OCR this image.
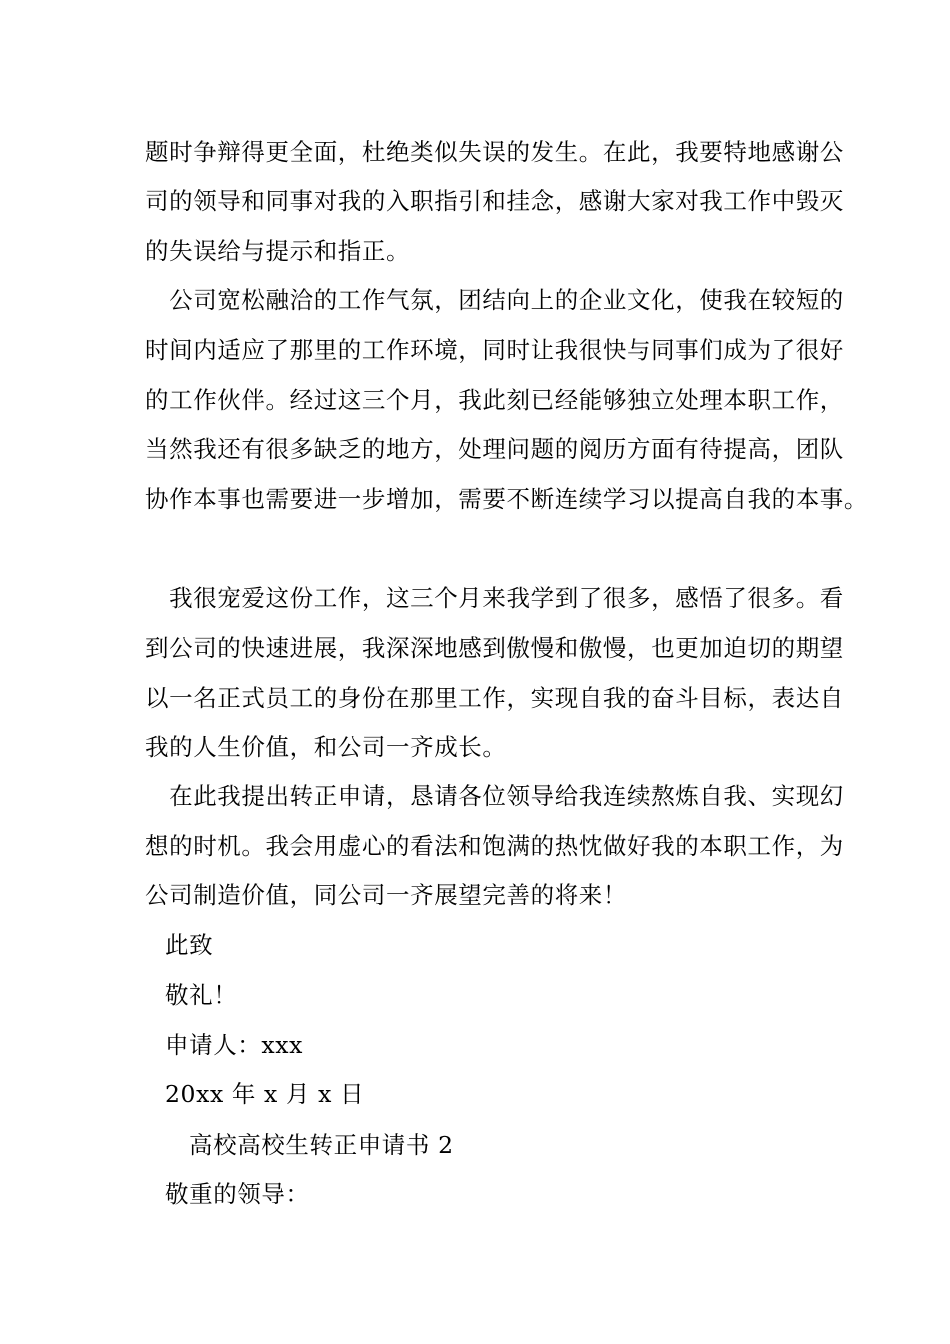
题时争辩得更全面，杜绝类似失误的发生。在此，我要特地感谢公
司的领导和同事对我的入职指引和挂念，感谢大家对我工作中毁灭
的失误给与提示和指正。
　公司宽松融洽的工作气氛，团结向上的企业文化，使我在较短的
时间内适应了那里的工作环境，同时让我很快与同事们成为了很好
的工作伙伴。经过这三个月，我此刻已经能够独立处理本职工作，
当然我还有很多缺乏的地方，处理问题的阅历方面有待提高，团队
协作本事也需要进一步增加，需要不断连续学习以提高自我的本事。
　我很宠爱这份工作，这三个月来我学到了很多，感悟了很多。看
到公司的快速进展，我深深地感到傲慢和傲慢，也更加迫切的期望
以一名正式员工的身份在那里工作，实现自我的奋斗目标，表达自
我的人生价值，和公司一齐成长。
　在此我提出转正申请，恳请各位领导给我连续熬炼自我、实现幻
想的时机。我会用虚心的看法和饱满的热忱做好我的本职工作，为
公司制造价值，同公司一齐展望完善的将来！
此致
敬礼！
申请人：xxx
20xx 年 x 月 x 日
高校高校生转正申请书 2
敬重的领导：
